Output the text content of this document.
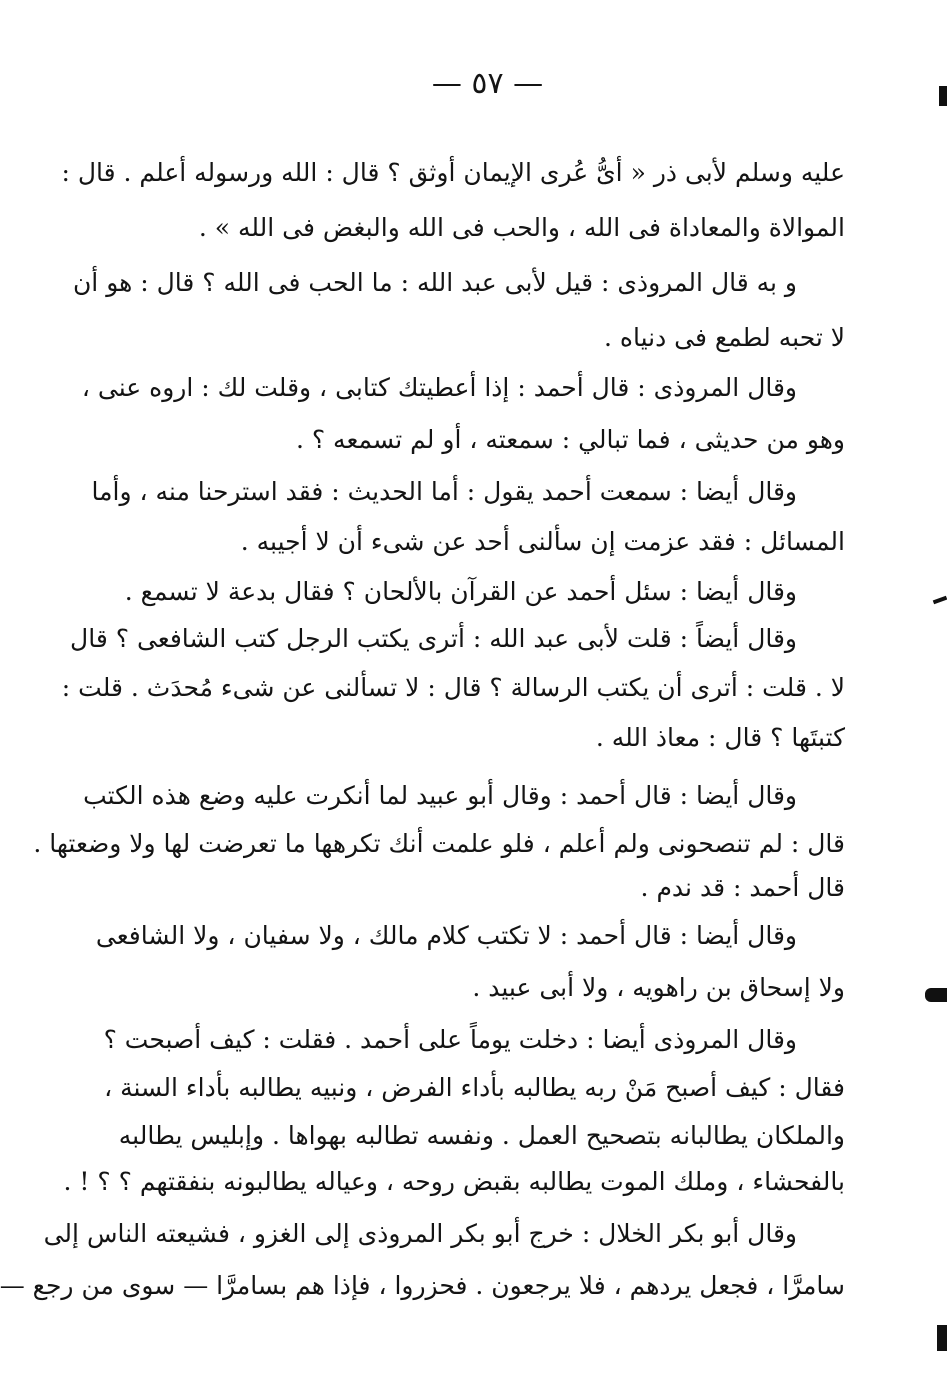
— ٥٧ —
عليه وسلم لأبى ذر « أىُّ عُرى الإيمان أوثق ؟ قال : الله ورسوله أعلم . قال :
الموالاة والمعاداة فى الله ، والحب فى الله والبغض فى الله » .
و به قال المروذى : قيل لأبى عبد الله : ما الحب فى الله ؟ قال : هو أن
لا تحبه لطمع فى دنياه .
وقال المروذى : قال أحمد : إذا أعطيتك كتابى ، وقلت لك : اروه عنى ،
وهو من حديثى ، فما تبالي : سمعته ، أو لم تسمعه ؟ .
وقال أيضا : سمعت أحمد يقول : أما الحديث : فقد استرحنا منه ، وأما
المسائل : فقد عزمت إن سألنى أحد عن شىء أن لا أجيبه .
وقال أيضا : سئل أحمد عن القرآن بالألحان ؟ فقال بدعة لا تسمع .
وقال أيضاً : قلت لأبى عبد الله : أترى يكتب الرجل كتب الشافعى ؟ قال
لا . قلت : أترى أن يكتب الرسالة ؟ قال : لا تسألنى عن شىء مُحدَث . قلت :
كتبتَها ؟ قال : معاذ الله .
وقال أيضا : قال أحمد : وقال أبو عبيد لما أنكرت عليه وضع هذه الكتب
قال : لم تنصحونى ولم أعلم ، فلو علمت أنك تكرهها ما تعرضت لها ولا وضعتها .
قال أحمد : قد ندم .
وقال أيضا : قال أحمد : لا تكتب كلام مالك ، ولا سفيان ، ولا الشافعى
ولا إسحاق بن راهويه ، ولا أبى عبيد .
وقال المروذى أيضا : دخلت يوماً على أحمد . فقلت : كيف أصبحت ؟
فقال : كيف أصبح مَنْ ربه يطالبه بأداء الفرض ، ونبيه يطالبه بأداء السنة ،
والملكان يطالبانه بتصحيح العمل . ونفسه تطالبه بهواها . وإبليس يطالبه
بالفحشاء ، وملك الموت يطالبه بقبض روحه ، وعياله يطالبونه بنفقتهم ؟ ؟ ! .
وقال أبو بكر الخلال : خرج أبو بكر المروذى إلى الغزو ، فشيعته الناس إلى
سامرَّا ، فجعل يردهم ، فلا يرجعون . فحزروا ، فإذا هم بسامرَّا — سوى من رجع —
